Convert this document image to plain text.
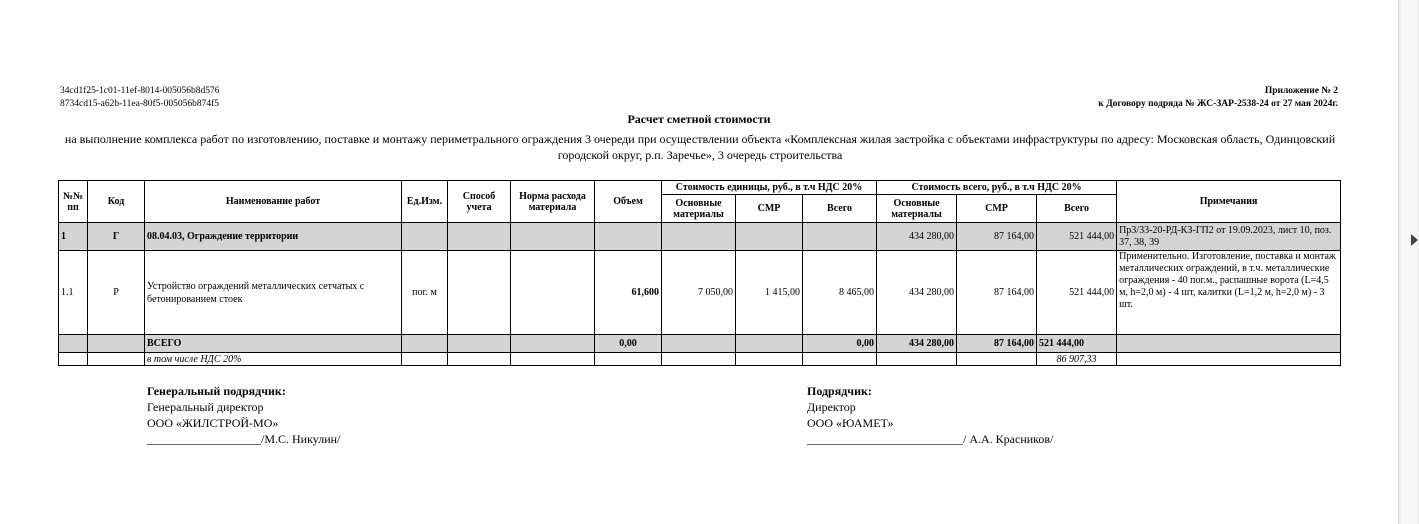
34cd1f25-1c01-11ef-8014-005056b8d576
8734cd15-a62b-11ea-80f5-005056b874f5
Приложение № 2
к Договору подряда № ЖС-ЗАР-2538-24 от 27 мая 2024г.
Расчет сметной стоимости
на выполнение комплекса работ по изготовлению, поставке и монтажу периметрального ограждения 3 очереди при осуществлении объекта «Комплексная жилая застройка с объектами инфраструктуры по адресу: Московская область, Одинцовский городской округ, р.п. Заречье», 3 очередь строительства
№№ пп	Код	Наименование работ	Ед.Изм.	Способ учета	Норма расхода материала	Объем	Стоимость единицы, руб., в т.ч НДС 20%			Стоимость всего, руб., в т.ч НДС 20%			Примечания
							Основные материалы	СМР	Всего	Основные материалы	СМР	Всего	
1	Г	08.04.03, Ограждение территории								434 280,00	87 164,00	521 444,00	Пр3/33-20-РД-КЗ-ГП2 от 19.09.2023, лист 10, поз. 37, 38, 39
1.1	Р	Устройство ограждений металлических сетчатых с бетонированием стоек	пог. м			61,600	7 050,00	1 415,00	8 465,00	434 280,00	87 164,00	521 444,00	Применительно. Изготовление, поставка и монтаж металлических ограждений, в т.ч. металлические ограждения - 40 пог.м., распашные ворота (L=4,5 м, h=2,0 м) - 4 шт, калитки (L=1,2 м, h=2,0 м) - 3 шт.
		ВСЕГО				0,00			0,00	434 280,00	87 164,00	521 444,00	
		в том числе НДС 20%										86 907,33	
Генеральный подрядчик:
Генеральный директор
ООО «ЖИЛСТРОЙ-МО»
___________________/М.С. Никулин/
Подрядчик:
Директор
ООО «ЮАМЕТ»
__________________________/ А.А. Красников/
